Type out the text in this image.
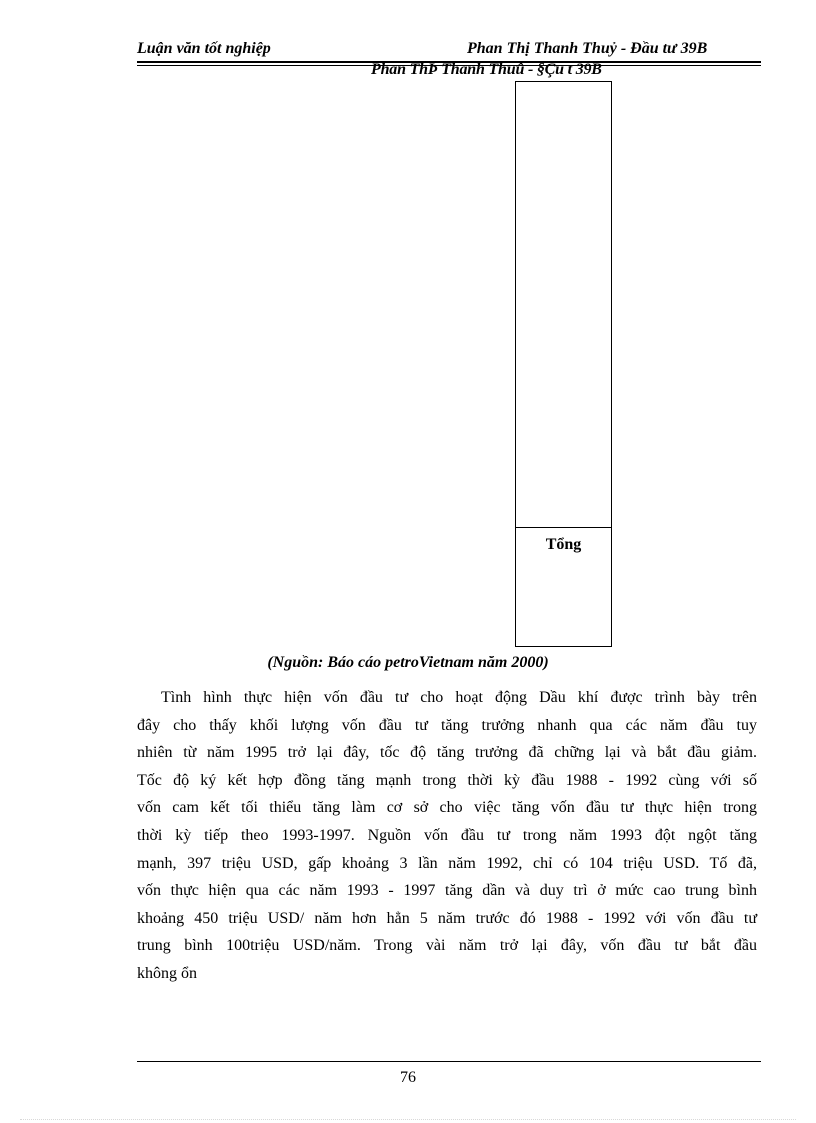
Luận văn tốt nghiệp	Phan Thị Thanh Thuỷ - Đầu tư 39B
Phan ThÞ Thanh Thuû - §Çu t 39B
Tổng
(Nguồn: Báo cáo petroVietnam năm 2000)
Tình hình thực hiện vốn đầu tư cho hoạt động Dầu khí được trình bày trên
đây cho thấy khối lượng vốn đầu tư tăng trưởng nhanh qua các năm đầu tuy
nhiên từ năm 1995 trở lại đây, tốc độ tăng trưởng đã chững lại và bắt đầu giảm.
Tốc độ ký kết hợp đồng tăng mạnh trong thời kỳ đầu 1988 - 1992 cùng với số
vốn cam kết tối thiểu tăng làm cơ sở cho việc tăng vốn đầu tư thực hiện trong
thời kỳ tiếp theo 1993-1997. Nguồn vốn đầu tư trong năm 1993 đột ngột tăng
mạnh, 397 triệu USD, gấp khoảng 3 lần năm 1992, chỉ có 104 triệu USD. Tố đã,
vốn thực hiện qua các năm 1993 - 1997 tăng dần và duy trì ở mức cao trung bình
khoảng 450 triệu USD/ năm hơn hẳn 5 năm trước đó 1988 - 1992 với vốn đầu tư
trung bình 100triệu USD/năm. Trong vài năm trở lại đây, vốn đầu tư bắt đầu
không ổn
76
